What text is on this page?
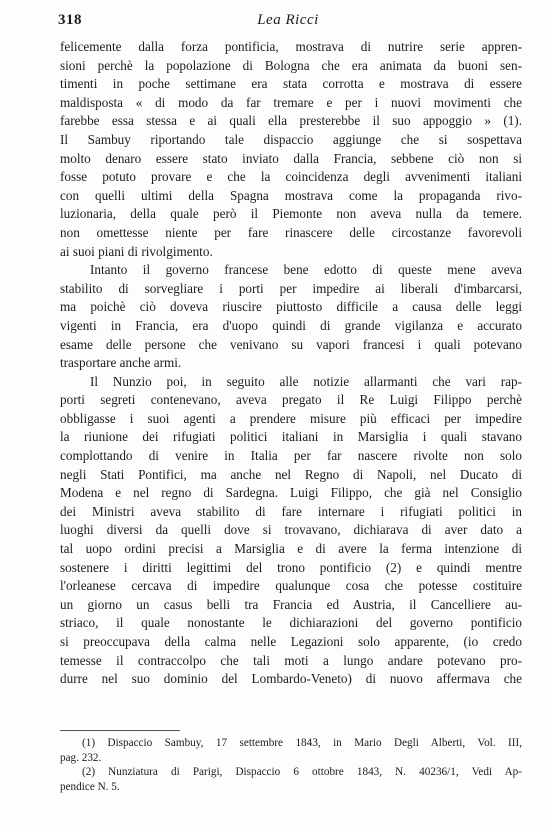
318	Lea Ricci
felicemente dalla forza pontificia, mostrava di nutrire serie appren-
sioni perchè la popolazione di Bologna che era animata da buoni sen-
timenti in poche settimane era stata corrotta e mostrava di essere
maldisposta « di modo da far tremare e per i nuovi movimenti che
farebbe essa stessa e ai quali ella presterebbe il suo appoggio » (1).
Il Sambuy riportando tale dispaccio aggiunge che si sospettava
molto denaro essere stato inviato dalla Francia, sebbene ciò non si
fosse potuto provare e che la coincidenza degli avvenimenti italiani
con quelli ultimi della Spagna mostrava come la propaganda rivo-
luzionaria, della quale però il Piemonte non aveva nulla da temere.
non omettesse niente per fare rinascere delle circostanze favorevoli
ai suoi piani di rivolgimento.
Intanto il governo francese bene edotto di queste mene aveva
stabilito di sorvegliare i porti per impedire ai liberali d'imbarcarsi,
ma poichè ciò doveva riuscire piuttosto difficile a causa delle leggi
vigenti in Francia, era d'uopo quindi di grande vigilanza e accurato
esame delle persone che venivano su vapori francesi i quali potevano
trasportare anche armi.
Il Nunzio poi, in seguito alle notizie allarmanti che vari rap-
porti segreti contenevano, aveva pregato il Re Luigi Filippo perchè
obbligasse i suoi agenti a prendere misure più efficaci per impedire
la riunione dei rifugiati politici italiani in Marsiglia i quali stavano
complottando di venire in Italia per far nascere rivolte non solo
negli Stati Pontifici, ma anche nel Regno di Napoli, nel Ducato di
Modena e nel regno di Sardegna. Luigi Filippo, che già nel Consiglio
dei Ministri aveva stabilito di fare internare i rifugiati politici in
luoghi diversi da quelli dove si trovavano, dichiarava di aver dato a
tal uopo ordini precisi a Marsiglia e di avere la ferma intenzione di
sostenere i diritti legittimi del trono pontificio (2) e quindi mentre
l'orleanese cercava di impedire qualunque cosa che potesse costituire
un giorno un casus belli tra Francia ed Austria, il Cancelliere au-
striaco, il quale nonostante le dichiarazioni del governo pontificio
si preoccupava della calma nelle Legazioni solo apparente, (io credo
temesse il contraccolpo che tali moti a lungo andare potevano pro-
durre nel suo dominio del Lombardo-Veneto) di nuovo affermava che
(1) Dispaccio Sambuy, 17 settembre 1843, in Mario Degli Alberti, Vol. III,
pag. 232.
(2) Nunziatura di Parigi, Dispaccio 6 ottobre 1843, N. 40236/1, Vedi Ap-
pendice N. 5.
